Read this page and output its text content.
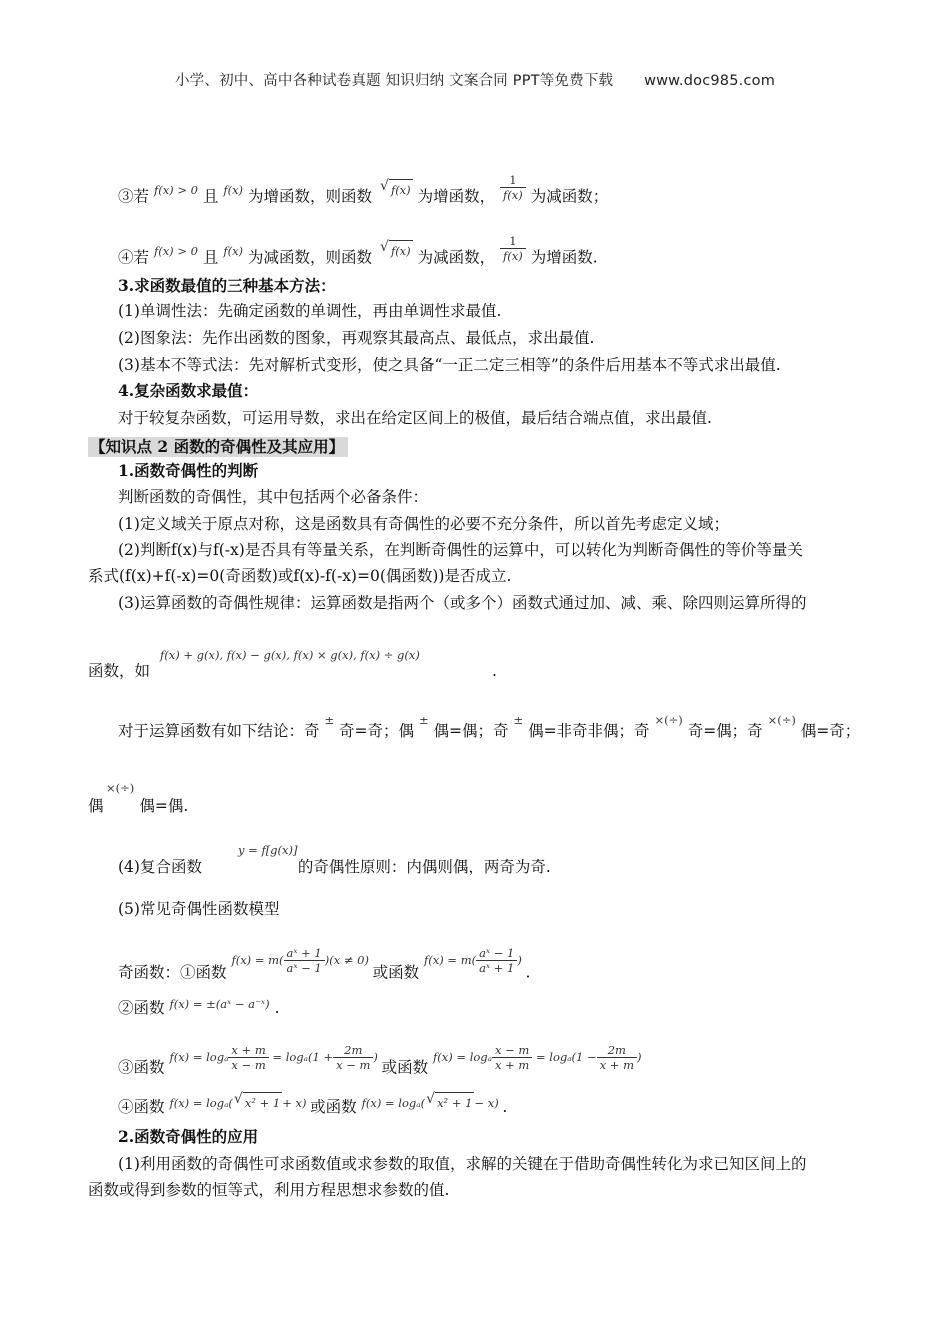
小学、初中、高中各种试卷真题 知识归纳 文案合同 PPT等免费下载 www.doc985.com
③若 $^{f(x) > 0}$ 且 $^{f(x)}$ 为增函数，则函数 √ f(x) 为增函数， $\frac{1}{f(x)}$ 为减函数；
④若 $^{f(x) > 0}$ 且 $^{f(x)}$ 为减函数，则函数 √ f(x) 为减函数， $\frac{1}{f(x)}$ 为增函数.
3.求函数最值的三种基本方法：
(1)单调性法：先确定函数的单调性，再由单调性求最值.
(2)图象法：先作出函数的图象，再观察其最高点、最低点，求出最值.
(3)基本不等式法：先对解析式变形，使之具备“一正二定三相等”的条件后用基本不等式求出最值.
4.复杂函数求最值：
对于较复杂函数，可运用导数，求出在给定区间上的极值，最后结合端点值，求出最值.
【知识点 2 函数的奇偶性及其应用】
1.函数奇偶性的判断
判断函数的奇偶性，其中包括两个必备条件：
(1)定义域关于原点对称，这是函数具有奇偶性的必要不充分条件，所以首先考虑定义域；
(2)判断f(x)与f(-x)是否具有等量关系，在判断奇偶性的运算中，可以转化为判断奇偶性的等价等量关
系式(f(x)+f(-x)=0(奇函数)或f(x)-f(-x)=0(偶函数))是否成立.
(3)运算函数的奇偶性规律：运算函数是指两个（或多个）函数式通过加、减、乘、除四则运算所得的
f(x) + g(x), f(x) − g(x), f(x) × g(x), f(x) ÷ g(x)
函数，如	.
对于运算函数有如下结论：奇 ± 奇=奇；偶 ± 偶=偶；奇 ± 偶=非奇非偶；奇 ×(÷) 奇=偶；奇 ×(÷) 偶=奇；
×(÷)
偶 偶=偶.
y = f[g(x)]
(4)复合函数	的奇偶性原则：内偶则偶，两奇为奇.
(5)常见奇偶性函数模型
奇函数：①函数 $^{f(x) = m( \frac{\text{aˣ + 1}}{\text{aˣ − 1}} )(x \ne 0)}$ 或函数 $^{f(x) = m( \frac{\text{aˣ − 1}}{\text{aˣ + 1}} )}$ .
②函数 $^{f(x) = \pm(aˣ - a^-ˣ)}$ .
③函数 $^{f(x) = log_a \frac{x + m}{x - m} = log_a(1 + \frac{2m}{x - m} )}$ 或函数 $^{f(x) = log_a \frac{x - m}{x + m} = log_a(1 - \frac{2m}{x + m} )}$
④函数 $^{f(x) = log_a( √ x^2 + 1 + x)}$ 或函数 $^{f(x) = log_a( √ x^2 + 1 - x)}$ .
2.函数奇偶性的应用
(1)利用函数的奇偶性可求函数值或求参数的取值，求解的关键在于借助奇偶性转化为求已知区间上的
函数或得到参数的恒等式，利用方程思想求参数的值.
